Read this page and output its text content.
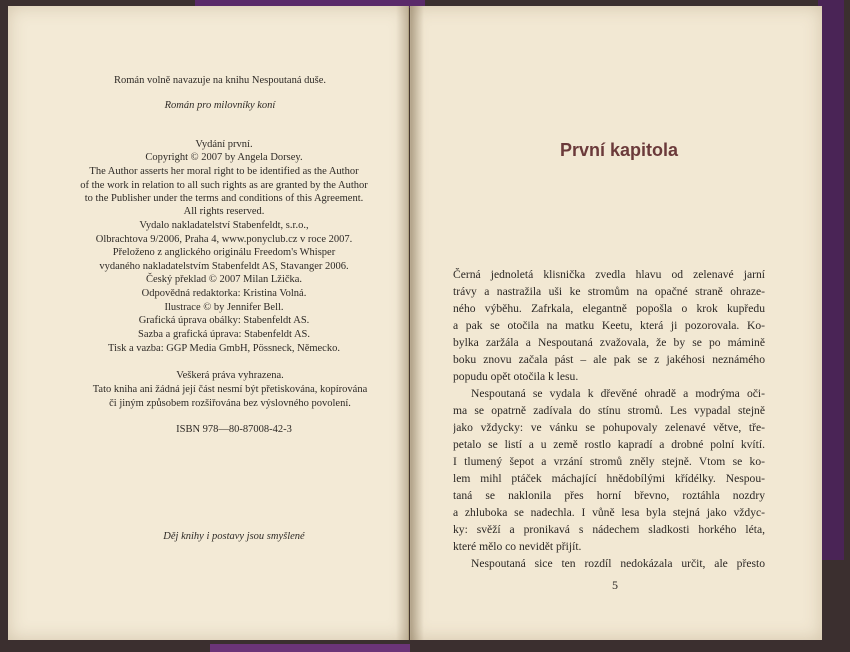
Román volně navazuje na knihu Nespoutaná duše.
Román pro milovníky koní
Vydání první.
Copyright © 2007 by Angela Dorsey.
The Author asserts her moral right to be identified as the Author
of the work in relation to all such rights as are granted by the Author
to the Publisher under the terms and conditions of this Agreement.
All rights reserved.
Vydalo nakladatelství Stabenfeldt, s.r.o.,
Olbrachtova 9/2006, Praha 4, www.ponyclub.cz v roce 2007.
Přeloženo z anglického originálu Freedom's Whisper
vydaného nakladatelstvím Stabenfeldt AS, Stavanger 2006.
Český překlad © 2007 Milan Lžička.
Odpovědná redaktorka: Kristina Volná.
Ilustrace © by Jennifer Bell.
Grafická úprava obálky: Stabenfeldt AS.
Sazba a grafická úprava: Stabenfeldt AS.
Tisk a vazba: GGP Media GmbH, Pössneck, Německo.
Veškerá práva vyhrazena.
Tato kniha ani žádná její část nesmí být přetiskována, kopírována
či jiným způsobem rozšiřována bez výslovného povolení.
ISBN 978—80-87008-42-3
Děj knihy i postavy jsou smyšlené
První kapitola
Černá jednoletá klisnička zvedla hlavu od zelenavé jarní
trávy a nastražila uši ke stromům na opačné straně ohraze-
ného výběhu. Zafrkala, elegantně popošla o krok kupředu
a pak se otočila na matku Keetu, která ji pozorovala. Ko-
bylka zaržála a Nespoutaná zvažovala, že by se po mámině
boku znovu začala pást – ale pak se z jakéhosi neznámého
popudu opět otočila k lesu.
Nespoutaná se vydala k dřevěné ohradě a modrýma oči-
ma se opatrně zadívala do stínu stromů. Les vypadal stejně
jako vždycky: ve vánku se pohupovaly zelenavé větve, tře-
petalo se listí a u země rostlo kapradí a drobné polní kvítí.
I tlumený šepot a vrzání stromů zněly stejně. Vtom se ko-
lem mihl ptáček máchající hnědobílými křídélky. Nespou-
taná se naklonila přes horní břevno, roztáhla nozdry
a zhluboka se nadechla. I vůně lesa byla stejná jako vždyc-
ky: svěží a pronikavá s nádechem sladkosti horkého léta,
které mělo co nevidět přijít.
Nespoutaná sice ten rozdíl nedokázala určit, ale přesto
5
